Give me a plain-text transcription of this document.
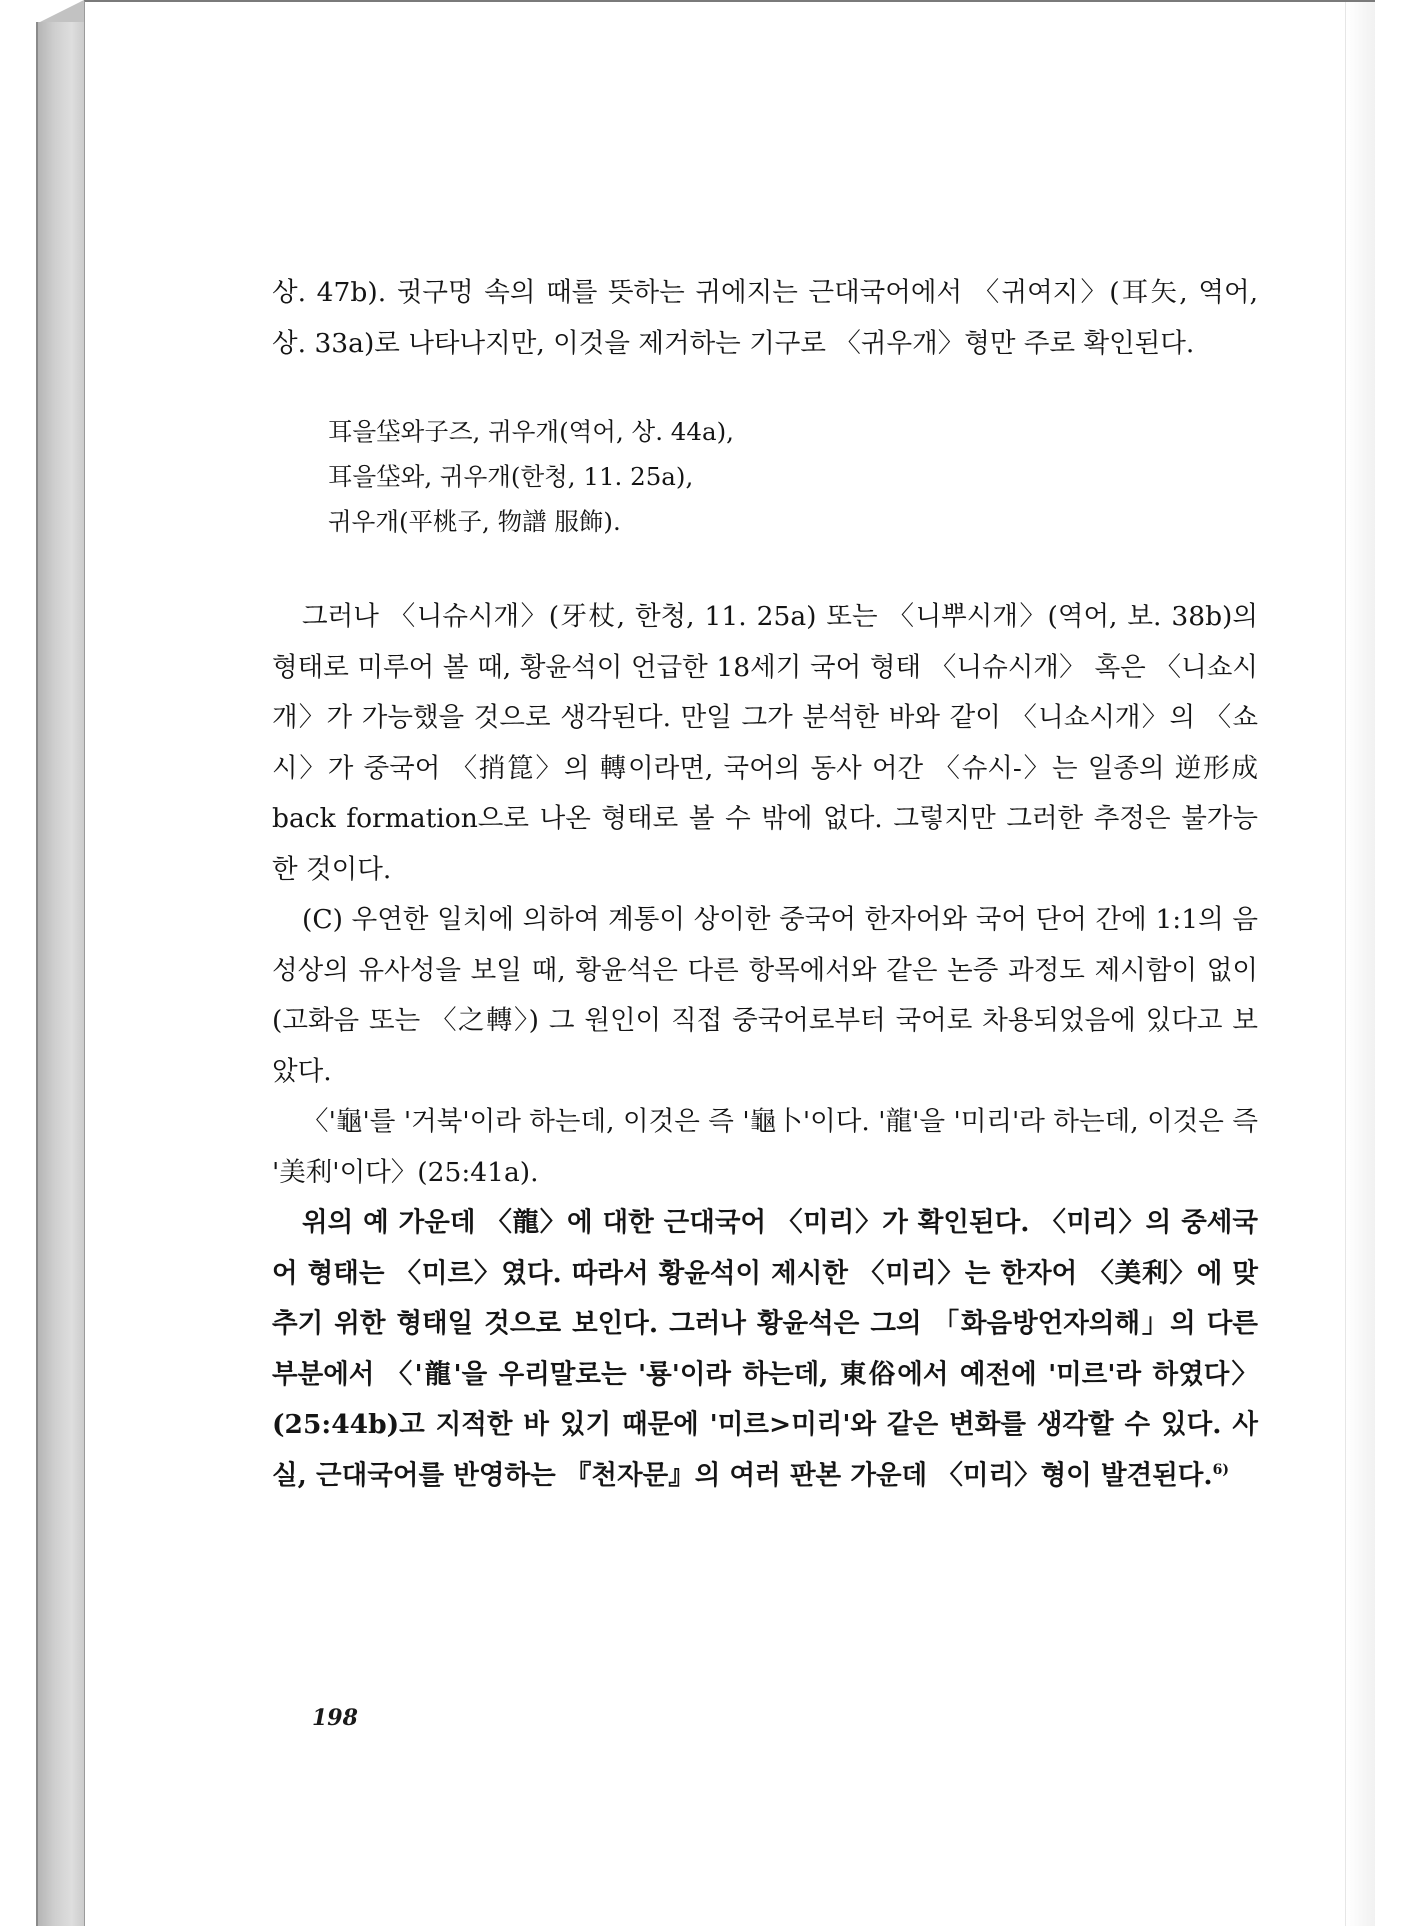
상. 47b). 귓구멍 속의 때를 뜻하는 귀에지는 근대국어에서 〈귀여지〉(耳矢, 역어, 상. 33a)로 나타나지만, 이것을 제거하는 기구로 〈귀우개〉형만 주로 확인된다.

耳을垈와子즈, 귀우개(역어, 상. 44a),
耳을垈와, 귀우개(한청, 11. 25a),
귀우개(平桃子, 物譜 服飾).

그러나 〈니슈시개〉(牙杖, 한청, 11. 25a) 또는 〈니뿌시개〉(역어, 보. 38b)의 형태로 미루어 볼 때, 황윤석이 언급한 18세기 국어 형태 〈니슈시개〉 혹은 〈니쇼시개〉가 가능했을 것으로 생각된다. 만일 그가 분석한 바와 같이 〈니쇼시개〉의 〈쇼시〉가 중국어 〈捎箟〉의 轉이라면, 국어의 동사 어간 〈슈시-〉는 일종의 逆形成 back formation으로 나온 형태로 볼 수 밖에 없다. 그렇지만 그러한 추정은 불가능한 것이다.

(C) 우연한 일치에 의하여 계통이 상이한 중국어 한자어와 국어 단어 간에 1:1의 음성상의 유사성을 보일 때, 황윤석은 다른 항목에서와 같은 논증 과정도 제시함이 없이(고화음 또는 〈之轉〉) 그 원인이 직접 중국어로부터 국어로 차용되었음에 있다고 보았다.

〈'龜'를 '거북'이라 하는데, 이것은 즉 '龜卜'이다. '龍'을 '미리'라 하는데, 이것은 즉 '美利'이다〉(25:41a).

위의 예 가운데 〈龍〉에 대한 근대국어 〈미리〉가 확인된다. 〈미리〉의 중세국어 형태는 〈미르〉였다. 따라서 황윤석이 제시한 〈미리〉는 한자어 〈美利〉에 맞추기 위한 형태일 것으로 보인다. 그러나 황윤석은 그의 「화음방언자의해」의 다른 부분에서 〈'龍'을 우리말로는 '룡'이라 하는데, 東俗에서 예전에 '미르'라 하였다〉(25:44b)고 지적한 바 있기 때문에 '미르>미리'와 같은 변화를 생각할 수 있다. 사실, 근대국어를 반영하는 『천자문』의 여러 판본 가운데 〈미리〉형이 발견된다.$^{6)}$

198
